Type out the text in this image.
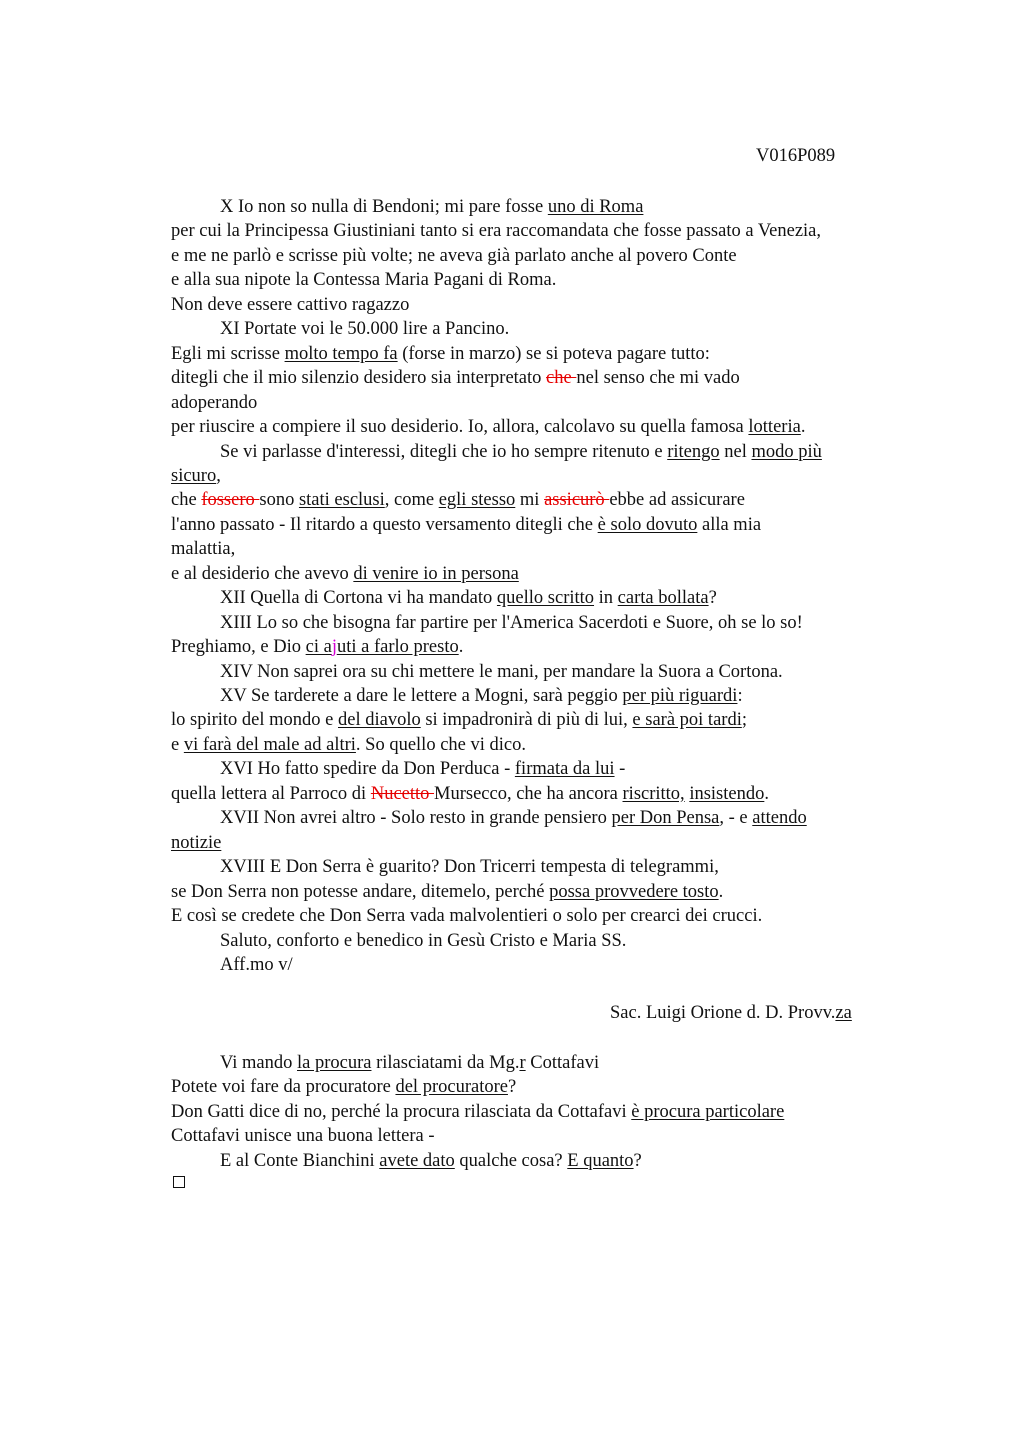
V016P089
X Io non so nulla di Bendoni; mi pare fosse uno di Roma
per cui la Principessa Giustiniani tanto si era raccomandata che fosse passato a Venezia,
e me ne parlò e scrisse più volte; ne aveva già parlato anche al povero Conte
e alla sua nipote la Contessa Maria Pagani di Roma.
Non deve essere cattivo ragazzo
XI Portate voi le 50.000 lire a Pancino.
Egli mi scrisse molto tempo fa (forse in marzo) se si poteva pagare tutto:
ditegli che il mio silenzio desidero sia interpretato che nel senso che mi vado
adoperando
per riuscire a compiere il suo desiderio. Io, allora, calcolavo su quella famosa lotteria.
Se vi parlasse d'interessi, ditegli che io ho sempre ritenuto e ritengo nel modo più
sicuro,
che fossero sono stati esclusi, come egli stesso mi assicurò ebbe ad assicurare
l'anno passato - Il ritardo a questo versamento ditegli che è solo dovuto alla mia
malattia,
e al desiderio che avevo di venire io in persona
XII Quella di Cortona vi ha mandato quello scritto in carta bollata?
XIII Lo so che bisogna far partire per l'America Sacerdoti e Suore, oh se lo so!
Preghiamo, e Dio ci ajuti a farlo presto.
XIV Non saprei ora su chi mettere le mani, per mandare la Suora a Cortona.
XV Se tarderete a dare le lettere a Mogni, sarà peggio per più riguardi:
lo spirito del mondo e del diavolo si impadronirà di più di lui, e sarà poi tardi;
e vi farà del male ad altri. So quello che vi dico.
XVI Ho fatto spedire da Don Perduca - firmata da lui -
quella lettera al Parroco di Nucetto Mursecco, che ha ancora riscritto, insistendo.
XVII Non avrei altro - Solo resto in grande pensiero per Don Pensa, - e attendo
notizie
XVIII E Don Serra è guarito? Don Tricerri tempesta di telegrammi,
se Don Serra non potesse andare, ditemelo, perché possa provvedere tosto.
E così se credete che Don Serra vada malvolentieri o solo per crearci dei crucci.
Saluto, conforto e benedico in Gesù Cristo e Maria SS.
Aff.mo v/
Sac. Luigi Orione d. D. Provv.za
Vi mando la procura rilasciatami da Mg.r Cottafavi
Potete voi fare da procuratore del procuratore?
Don Gatti dice di no, perché la procura rilasciata da Cottafavi è procura particolare
Cottafavi unisce una buona lettera -
E al Conte Bianchini avete dato qualche cosa? E quanto?
